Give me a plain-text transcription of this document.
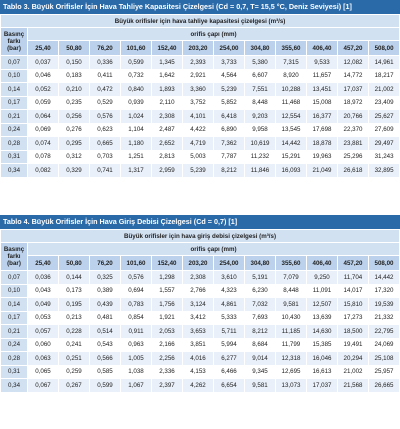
Tablo 3. Büyük Orifisler İçin Hava Tahliye Kapasitesi Çizelgesi (Cd = 0,7, T= 15,5 °C, Deniz Seviyesi) [1]
Büyük orifisler için hava tahliye kapasitesi çizelgesi (m³/s)												
Basınç farkı (bar)	orifis çapı (mm)											
	25,40	50,80	76,20	101,60	152,40	203,20	254,00	304,80	355,60	406,40	457,20	508,00
0,07	0,037	0,150	0,336	0,599	1,345	2,393	3,733	5,380	7,315	9,533	12,082	14,961
0,10	0,046	0,183	0,411	0,732	1,642	2,921	4,564	6,607	8,920	11,657	14,772	18,217
0,14	0,052	0,210	0,472	0,840	1,893	3,360	5,239	7,551	10,288	13,451	17,037	21,002
0,17	0,059	0,235	0,529	0,939	2,110	3,752	5,852	8,448	11,468	15,008	18,972	23,409
0,21	0,064	0,256	0,576	1,024	2,308	4,101	6,418	9,203	12,554	16,377	20,766	25,627
0,24	0,069	0,276	0,623	1,104	2,487	4,422	6,890	9,958	13,545	17,698	22,370	27,609
0,28	0,074	0,295	0,665	1,180	2,652	4,719	7,362	10,619	14,442	18,878	23,881	29,497
0,31	0,078	0,312	0,703	1,251	2,813	5,003	7,787	11,232	15,291	19,963	25,296	31,243
0,34	0,082	0,329	0,741	1,317	2,959	5,239	8,212	11,846	16,093	21,049	26,618	32,895
Tablo 4. Büyük Orifisler İçin Hava Giriş Debisi Çizelgesi (Cd = 0,7) [1]
Büyük orifisler için hava giriş debisi çizelgesi (m³/s)												
Basınç farkı (bar)	orifis çapı (mm)											
	25,40	50,80	76,20	101,60	152,40	203,20	254,00	304,80	355,60	406,40	457,20	508,00
0,07	0,036	0,144	0,325	0,576	1,298	2,308	3,610	5,191	7,079	9,250	11,704	14,442
0,10	0,043	0,173	0,389	0,694	1,557	2,766	4,323	6,230	8,448	11,091	14,017	17,320
0,14	0,049	0,195	0,439	0,783	1,756	3,124	4,861	7,032	9,581	12,507	15,810	19,539
0,17	0,053	0,213	0,481	0,854	1,921	3,412	5,333	7,693	10,430	13,639	17,273	21,332
0,21	0,057	0,228	0,514	0,911	2,053	3,653	5,711	8,212	11,185	14,630	18,500	22,795
0,24	0,060	0,241	0,543	0,963	2,166	3,851	5,994	8,684	11,799	15,385	19,491	24,069
0,28	0,063	0,251	0,566	1,005	2,256	4,016	6,277	9,014	12,318	16,046	20,294	25,108
0,31	0,065	0,259	0,585	1,038	2,336	4,153	6,466	9,345	12,695	16,613	21,002	25,957
0,34	0,067	0,267	0,599	1,067	2,397	4,262	6,654	9,581	13,073	17,037	21,568	26,665
